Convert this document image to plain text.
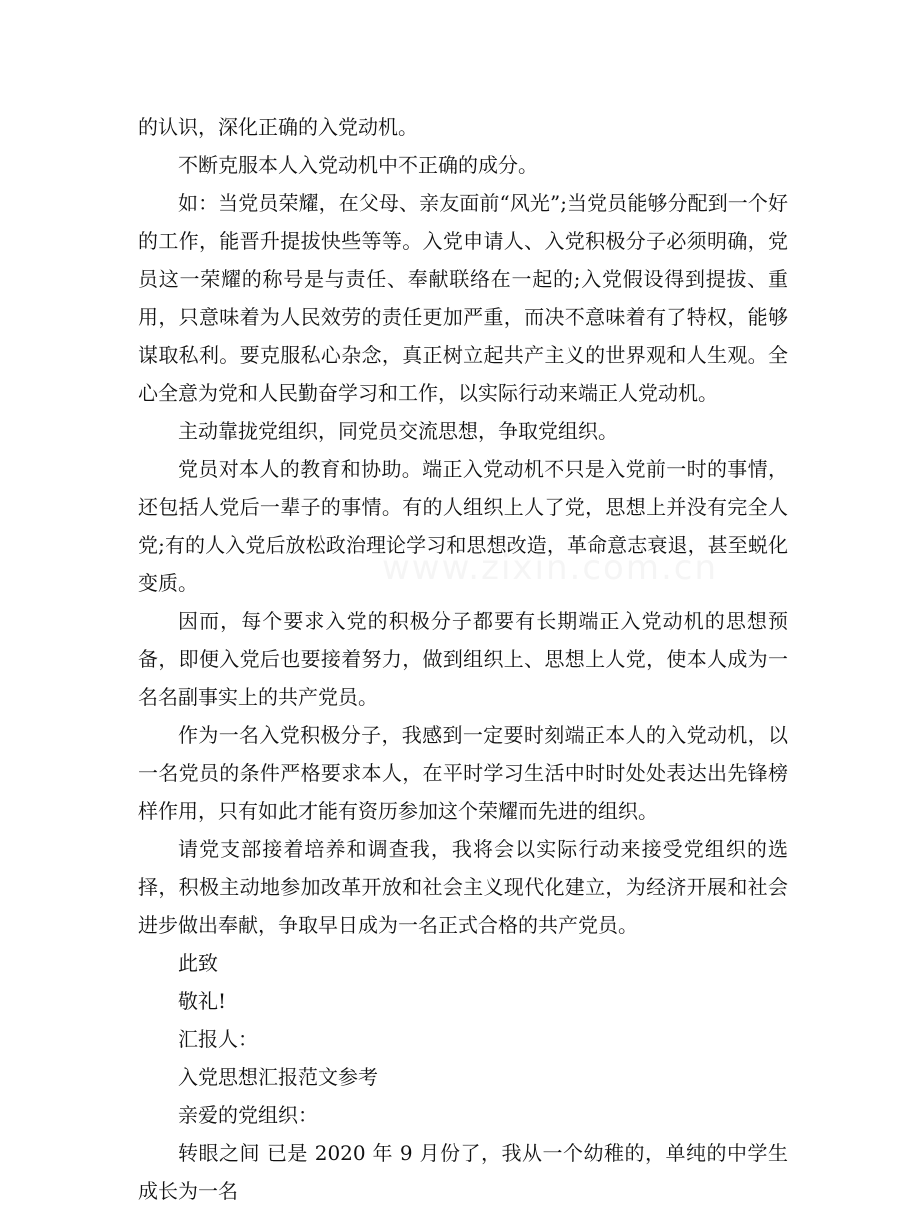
www.zixin.com.cn

的认识，深化正确的入党动机。

不断克服本人入党动机中不正确的成分。

如：当党员荣耀，在父母、亲友面前“风光”;当党员能够分配到一个好的工作，能晋升提拔快些等等。入党申请人、入党积极分子必须明确，党员这一荣耀的称号是与责任、奉献联络在一起的;入党假设得到提拔、重用，只意味着为人民效劳的责任更加严重，而决不意味着有了特权，能够谋取私利。要克服私心杂念，真正树立起共产主义的世界观和人生观。全心全意为党和人民勤奋学习和工作，以实际行动来端正人党动机。

主动靠拢党组织，同党员交流思想，争取党组织。

党员对本人的教育和协助。端正入党动机不只是入党前一时的事情，还包括人党后一辈子的事情。有的人组织上人了党，思想上并没有完全人党;有的人入党后放松政治理论学习和思想改造，革命意志衰退，甚至蜕化变质。

因而，每个要求入党的积极分子都要有长期端正入党动机的思想预备，即便入党后也要接着努力，做到组织上、思想上人党，使本人成为一名名副事实上的共产党员。

作为一名入党积极分子，我感到一定要时刻端正本人的入党动机，以一名党员的条件严格要求本人，在平时学习生活中时时处处表达出先锋榜样作用，只有如此才能有资历参加这个荣耀而先进的组织。

请党支部接着培养和调查我，我将会以实际行动来接受党组织的选择，积极主动地参加改革开放和社会主义现代化建立，为经济开展和社会进步做出奉献，争取早日成为一名正式合格的共产党员。

此致

敬礼!

汇报人：

入党思想汇报范文参考

亲爱的党组织：

转眼之间 已是 2020 年 9 月份了，我从一个幼稚的，单纯的中学生成长为一名
